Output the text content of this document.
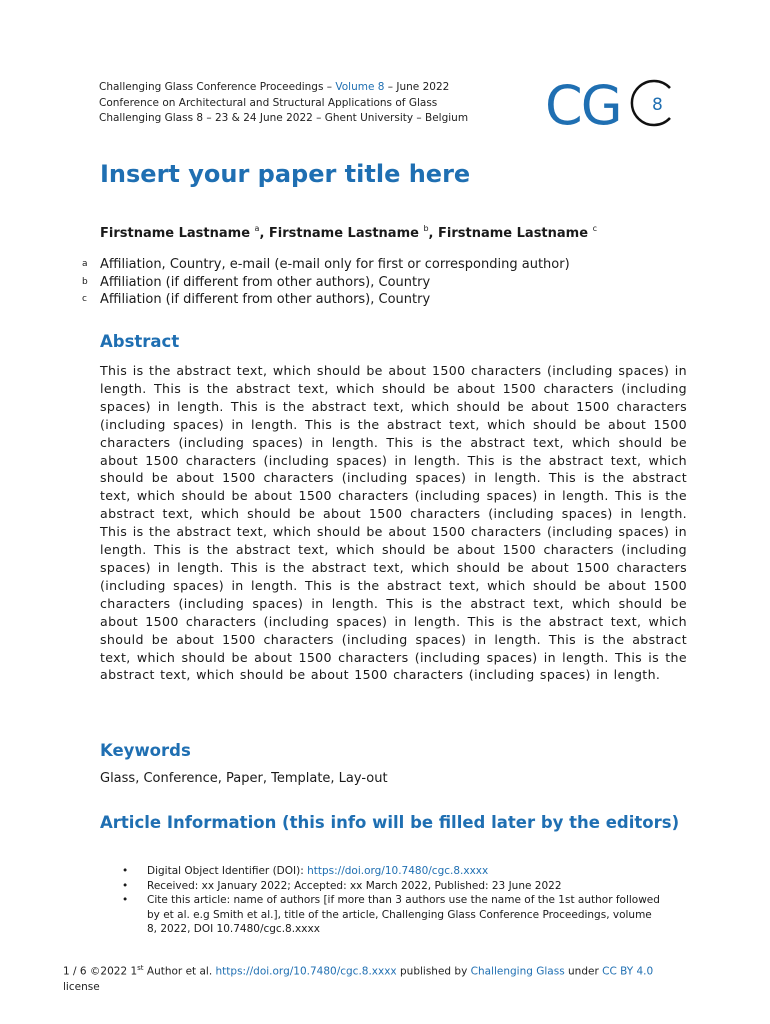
Challenging Glass Conference Proceedings – Volume 8 – June 2022
Conference on Architectural and Structural Applications of Glass
Challenging Glass 8 – 23 & 24 June 2022 – Ghent University – Belgium	CG 8
Insert your paper title here
Firstname Lastname $^a$, Firstname Lastname $^b$, Firstname Lastname $^c$
a Affiliation, Country, e-mail (e-mail only for first or corresponding author)
b Affiliation (if different from other authors), Country
c Affiliation (if different from other authors), Country
Abstract

This is the abstract text, which should be about 1500 characters (including spaces) in length. This is the abstract text, which should be about 1500 characters (including spaces) in length. This is the abstract text, which should be about 1500 characters (including spaces) in length. This is the abstract text, which should be about 1500 characters (including spaces) in length. This is the abstract text, which should be about 1500 characters (including spaces) in length. This is the abstract text, which should be about 1500 characters (including spaces) in length. This is the abstract text, which should be about 1500 characters (including spaces) in length. This is the abstract text, which should be about 1500 characters (including spaces) in length. This is the abstract text, which should be about 1500 characters (including spaces) in length. This is the abstract text, which should be about 1500 characters (including spaces) in length. This is the abstract text, which should be about 1500 characters (including spaces) in length. This is the abstract text, which should be about 1500 characters (including spaces) in length. This is the abstract text, which should be about 1500 characters (including spaces) in length. This is the abstract text, which should be about 1500 characters (including spaces) in length. This is the abstract text, which should be about 1500 characters (including spaces) in length. This is the abstract text, which should be about 1500 characters (including spaces) in length.

Keywords

Glass, Conference, Paper, Template, Lay-out

Article Information (this info will be filled later by the editors)
• Digital Object Identifier (DOI): https://doi.org/10.7480/cgc.8.xxxx
• Received: xx January 2022; Accepted: xx March 2022, Published: 23 June 2022
• Cite this article: name of authors [if more than 3 authors use the name of the 1st author followed by et al. e.g Smith et al.], title of the article, Challenging Glass Conference Proceedings, volume 8, 2022, DOI 10.7480/cgc.8.xxxx
1 / 6 ©2022 1st Author et al. https://doi.org/10.7480/cgc.8.xxxx published by Challenging Glass under CC BY 4.0 license
